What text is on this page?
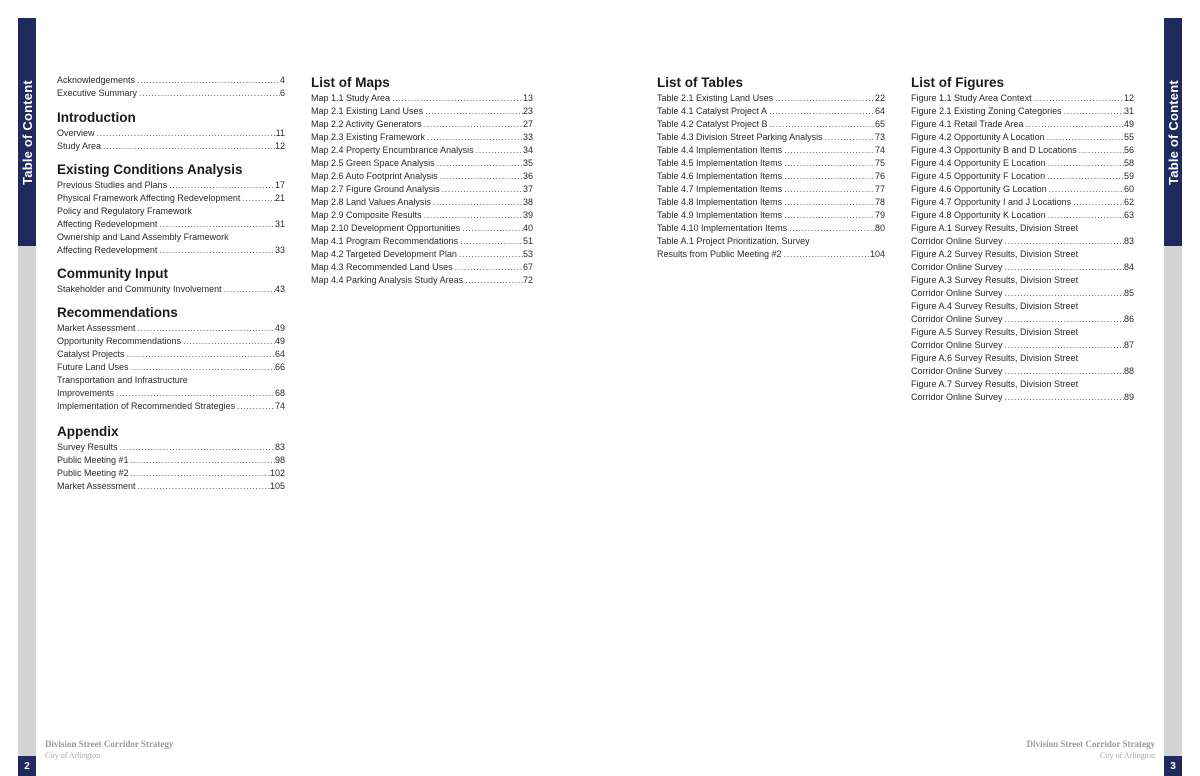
Table of Content
2
Table of Content
3
Division Street Corridor Strategy
City of Arlington
Division Street Corridor Strategy
City of Arlington
Acknowledgements .....	4
Executive Summary .....	6
Introduction
Overview .....	11
Study Area .....	12
Existing Conditions Analysis
Previous Studies and Plans .....	17
Physical Framework Affecting Redevelopment .....	21
Policy and Regulatory Framework
Affecting Redevelopment .....	31
Ownership and Land Assembly Framework
Affecting Redevelopment .....	33
Community Input
Stakeholder and Community Involvement .....	43
Recommendations
Market Assessment .....	49
Opportunity Recommendations .....	49
Catalyst Projects .....	64
Future Land Uses .....	66
Transportation and Infrastructure
Improvements .....	68
Implementation of Recommended Strategies .....	74
Appendix
Survey Results .....	83
Public Meeting #1 .....	98
Public Meeting #2 .....	102
Market Assessment .....	105
List of Maps
Map 1.1 Study Area .....	13
Map 2.1 Existing Land Uses .....	23
Map 2.2 Activity Generators .....	27
Map 2.3 Existing Framework .....	33
Map 2.4 Property Encumbrance Analysis .....	34
Map 2.5 Green Space Analysis .....	35
Map 2.6 Auto Footprint Analysis .....	36
Map 2.7 Figure Ground Analysis .....	37
Map 2.8 Land Values Analysis .....	38
Map 2.9 Composite Results .....	39
Map 2.10 Development Opportunities .....	40
Map 4.1 Program Recommendations .....	51
Map 4.2 Targeted Development Plan .....	53
Map 4.3 Recommended Land Uses .....	67
Map 4.4 Parking Analysis Study Areas .....	72
List of Tables
Table 2.1 Existing Land Uses .....	22
Table 4.1 Catalyst Project A .....	64
Table 4.2 Catalyst Project B .....	65
Table 4.3 Division Street Parking Analysis .....	73
Table 4.4 Implementation Items .....	74
Table 4.5 Implementation Items .....	75
Table 4.6 Implementation Items .....	76
Table 4.7 Implementation Items .....	77
Table 4.8 Implementation Items .....	78
Table 4.9 Implementation Items .....	79
Table 4.10 Implementation Items .....	80
Table A.1 Project Prioritization, Survey
Results from Public Meeting #2 .....	104
List of Figures
Figure 1.1 Study Area Context .....	12
Figure 2.1 Existing Zoning Categories .....	31
Figure 4.1 Retail Trade Area .....	49
Figure 4.2 Opportunity A Location .....	55
Figure 4.3 Opportunity B and D Locations .....	56
Figure 4.4 Opportunity E Location .....	58
Figure 4.5 Opportunity F Location .....	59
Figure 4.6 Opportunity G Location .....	60
Figure 4.7 Opportunity I and J Locations .....	62
Figure 4.8 Opportunity K Location .....	63
Figure A.1 Survey Results, Division Street
Corridor Online Survey .....	83
Figure A.2 Survey Results, Division Street
Corridor Online Survey .....	84
Figure A.3 Survey Results, Division Street
Corridor Online Survey .....	85
Figure A.4 Survey Results, Division Street
Corridor Online Survey .....	86
Figure A.5 Survey Results, Division Street
Corridor Online Survey .....	87
Figure A.6 Survey Results, Division Street
Corridor Online Survey .....	88
Figure A.7 Survey Results, Division Street
Corridor Online Survey .....	89
